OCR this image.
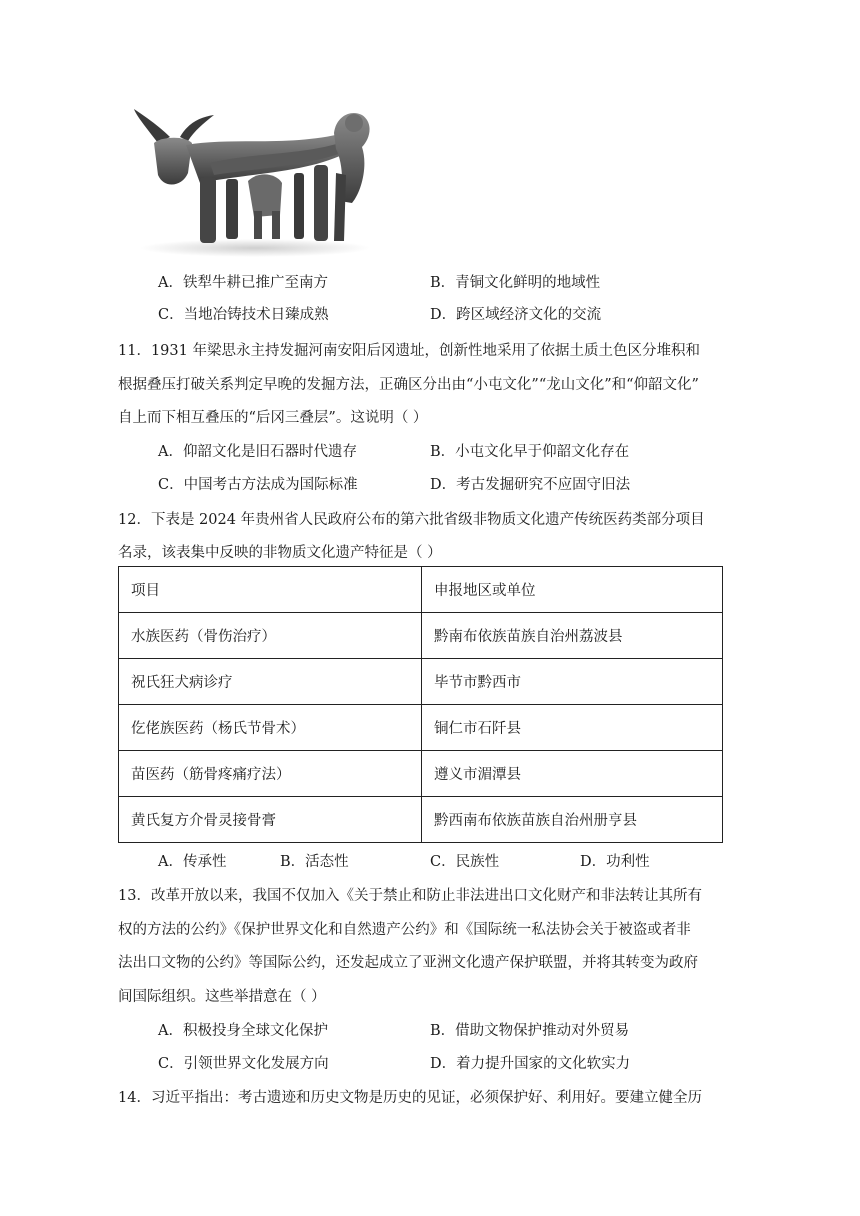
A．铁犁牛耕已推广至南方	B．青铜文化鲜明的地域性
C．当地冶铸技术日臻成熟	D．跨区域经济文化的交流
11．1931 年梁思永主持发掘河南安阳后冈遗址，创新性地采用了依据土质土色区分堆积和
根据叠压打破关系判定早晚的发掘方法，正确区分出由“小屯文化”“龙山文化”和“仰韶文化”
自上而下相互叠压的“后冈三叠层”。这说明（ ）
A．仰韶文化是旧石器时代遗存	B．小屯文化早于仰韶文化存在
C．中国考古方法成为国际标准	D．考古发掘研究不应固守旧法
12．下表是 2024 年贵州省人民政府公布的第六批省级非物质文化遗产传统医药类部分项目
名录，该表集中反映的非物质文化遗产特征是（ ）
项目	申报地区或单位
水族医药（骨伤治疗）	黔南布依族苗族自治州荔波县
祝氏狂犬病诊疗	毕节市黔西市
仡佬族医药（杨氏节骨术）	铜仁市石阡县
苗医药（筋骨疼痛疗法）	遵义市湄潭县
黄氏复方介骨灵接骨膏	黔西南布依族苗族自治州册亨县
A．传承性	B．活态性	C．民族性	D．功利性
13．改革开放以来，我国不仅加入《关于禁止和防止非法进出口文化财产和非法转让其所有
权的方法的公约》《保护世界文化和自然遗产公约》和《国际统一私法协会关于被盗或者非
法出口文物的公约》等国际公约，还发起成立了亚洲文化遗产保护联盟，并将其转变为政府
间国际组织。这些举措意在（ ）
A．积极投身全球文化保护	B．借助文物保护推动对外贸易
C．引领世界文化发展方向	D．着力提升国家的文化软实力
14．习近平指出：考古遗迹和历史文物是历史的见证，必须保护好、利用好。要建立健全历
